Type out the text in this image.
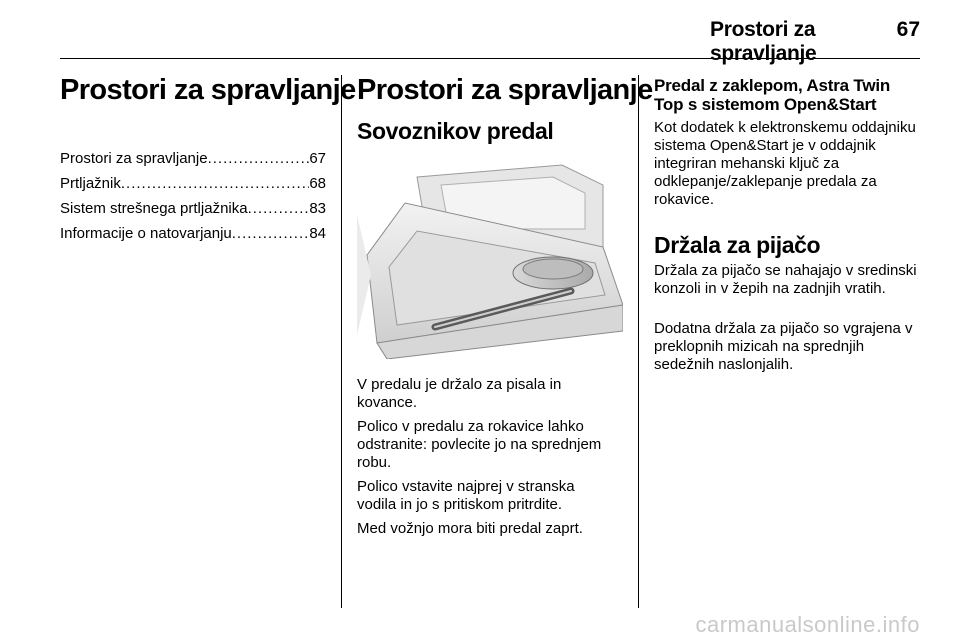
Prostori za spravljanje
67
Prostori za spravljanje
Prostori za spravljanje .....	67
Prtljažnik .....	68
Sistem strešnega prtljažnika .....	83
Informacije o natovarjanju .....	84
Prostori za spravljanje
Sovoznikov predal
V predalu je držalo za pisala in kovance.
Polico v predalu za rokavice lahko odstranite: povlecite jo na sprednjem robu.
Polico vstavite najprej v stranska vodila in jo s pritiskom pritrdite.
Med vožnjo mora biti predal zaprt.
Predal z zaklepom, Astra Twin Top s sistemom Open&Start
Kot dodatek k elektronskemu oddajniku sistema Open&Start je v oddajnik integriran mehanski ključ za odklepanje/zaklepanje predala za rokavice.
Držala za pijačo
Držala za pijačo se nahajajo v sredinski konzoli in v žepih na zadnjih vratih.
Dodatna držala za pijačo so vgrajena v preklopnih mizicah na sprednjih sedežnih naslonjalih.
carmanualsonline.info
